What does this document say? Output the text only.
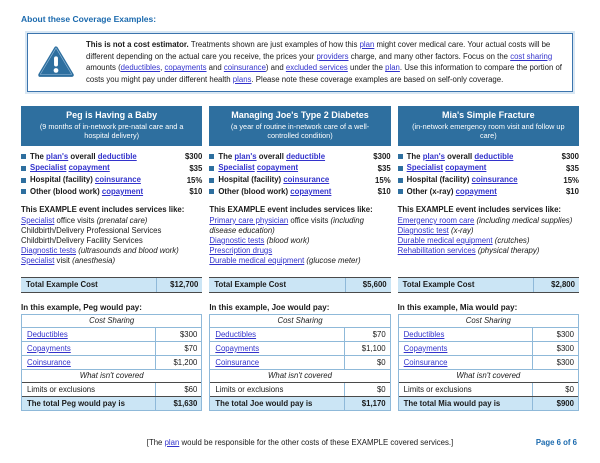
About these Coverage Examples:
This is not a cost estimator. Treatments shown are just examples of how this plan might cover medical care. Your actual costs will be different depending on the actual care you receive, the prices your providers charge, and many other factors. Focus on the cost sharing amounts (deductibles, copayments and coinsurance) and excluded services under the plan. Use this information to compare the portion of costs you might pay under different health plans. Please note these coverage examples are based on self-only coverage.
Peg is Having a Baby
(9 months of in-network pre-natal care and a hospital delivery)
The plan's overall deductible	$300
Specialist copayment	$35
Hospital (facility) coinsurance	15%
Other (blood work) copayment	$10
This EXAMPLE event includes services like:
Specialist office visits (prenatal care)
Childbirth/Delivery Professional Services
Childbirth/Delivery Facility Services
Diagnostic tests (ultrasounds and blood work)
Specialist visit (anesthesia)
Total Example Cost	$12,700
In this example, Peg would pay:
Cost Sharing
Deductibles	$300
Copayments	$70
Coinsurance	$1,200
What isn't covered
Limits or exclusions	$60
The total Peg would pay is	$1,630
Managing Joe's Type 2 Diabetes
(a year of routine in-network care of a well-controlled condition)
The plan's overall deductible	$300
Specialist copayment	$35
Hospital (facility) coinsurance	15%
Other (blood work) copayment	$10
This EXAMPLE event includes services like:
Primary care physician office visits (including disease education)
Diagnostic tests (blood work)
Prescription drugs
Durable medical equipment (glucose meter)
Total Example Cost	$5,600
In this example, Joe would pay:
Cost Sharing
Deductibles	$70
Copayments	$1,100
Coinsurance	$0
What isn't covered
Limits or exclusions	$0
The total Joe would pay is	$1,170
Mia's Simple Fracture
(in-network emergency room visit and follow up care)
The plan's overall deductible	$300
Specialist copayment	$35
Hospital (facility) coinsurance	15%
Other (x-ray) copayment	$10
This EXAMPLE event includes services like:
Emergency room care (including medical supplies)
Diagnostic test (x-ray)
Durable medical equipment (crutches)
Rehabilitation services (physical therapy)
Total Example Cost	$2,800
In this example, Mia would pay:
Cost Sharing
Deductibles	$300
Copayments	$300
Coinsurance	$300
What isn't covered
Limits or exclusions	$0
The total Mia would pay is	$900
[The plan would be responsible for the other costs of these EXAMPLE covered services.]	Page 6 of 6
